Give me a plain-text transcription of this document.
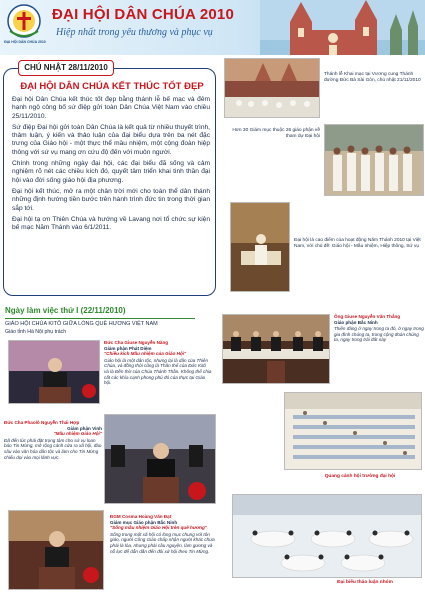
ĐẠI HỘI DÂN CHÚA 2010
ĐẠI HỘI DÂN CHÚA 2010
Hiệp nhất trong yêu thương và phục vụ
CHÚ NHẬT 28/11/2010
ĐẠI HỘI DÂN CHÚA KẾT THÚC TỐT ĐẸP

Đại hội Dân Chúa kết thúc tốt đẹp bằng thánh lễ bế mạc và đêm hạnh ngộ công bố sứ điệp gửi toàn Dân Chúa Việt Nam vào chiều 25/11/2010.

Sứ điệp Đại hội gởi toàn Dân Chúa là kết quả từ nhiều thuyết trình, thảm luận, ý kiến và thảo luận của đại biểu dựa trên ba nét đặc trưng của Giáo hội - một thực thể mầu nhiệm, một cộng đoàn hiệp thông với sứ vụ mang ơn cứu độ đến với muôn người.

Chính trong những ngày đại hội, các đại biểu đã sống và cảm nghiệm rõ nét các chiều kích đó, quyết tâm triển khai tinh thần đại hội vào đời sống giáo hội địa phương.

Đại hội kết thúc, mở ra một chân trời mới cho toàn thể dân thánh những định hướng tiền bước trên hành trình đức tin trong thời gian sắp tới.

Đại hội tạ ơn Thiên Chúa và hướng về Lavang nơi tổ chức sự kiện bế mạc Năm Thánh vào 6/1/2011.

Thánh lễ Khai mạc tại Vương cung Thánh đường Đức Bà Sài Gòn, chủ nhật 21/11/2010
Hơn 30 Giám mục thuộc 26 giáo phận về tham dự Đại hội
Đại hội là cao điểm của hoạt động Năm Thánh 2010 tại Việt Nam, với chủ đề: Giáo hội - Mầu nhiệm, Hiệp thông, Sứ vụ
Ngày làm việc thứ I (22/11/2010)
GIÁO HỘI CHÚA KITÔ GIỮA LÒNG QUÊ HƯƠNG VIỆT NAM
Giáo tỉnh Hà Nội phụ trách
Đức Cha Giuse Nguyễn Năng
Giám phận Phát Diệm
"Chiều kích Mầu nhiệm của Giáo Hội"
Giáo hội là một dân tộc, nhưng lại là dân của Thiên Chúa, và đồng thời cũng là Thân thể của Đức Kitô và là Đền thờ của Chúa Thánh Thần. Không thể chia cắt các khía cạnh phong phú đó của thực tại Giáo hội.
Ông Giuse Nguyễn Văn Thắng
Giáo phận Bắc Ninh
Thiên đàng ở ngay trong ta đó, ở ngay trong gia đình chúng ta, trong cộng đoàn chúng ta, ngay trong trái đất này
Đức Cha Phaolô Nguyễn Thái Hợp
Giám phận Vinh
"Mầu nhiệm Giáo Hội"
Đã đến lúc phải đặt trọng tâm cho sứ vụ loan báo Tin Mừng, mở rộng cánh cửa ra xã hội, đào sâu vào văn hóa dân tộc và làm cho Tin Mừng chiếu dọi vào mọi lãnh vực.
Quang cảnh hội trường đại hội
ĐGM Cosma Hoàng Văn Đạt
Giám mục Giáo phận Bắc Ninh
"Sống mầu nhiệm Giáo Hội trên quê hương"
Sống trong một xã hội có lòng mục chung với tôn giáo, người Công Giáo chấp nhận người khác chưa phải là lòa, nhưng phải cầu nguyện, làm gương và nỗ lực để dẫn dắn đến đôi xử hội theo Tin Mừng.
Đại biểu thảo luận nhóm
